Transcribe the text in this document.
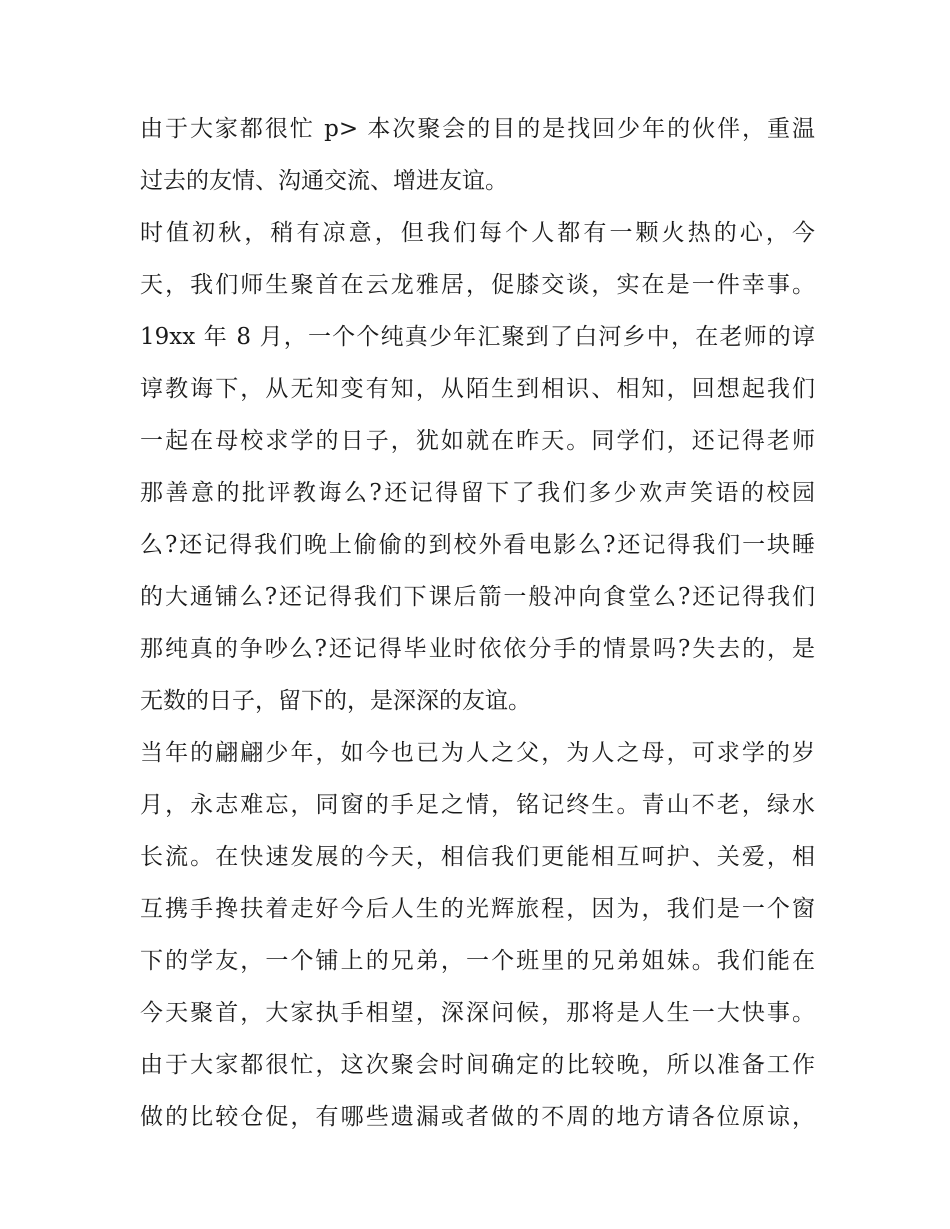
由于大家都很忙 p> 本次聚会的目的是找回少年的伙伴，重温
过去的友情、沟通交流、增进友谊。
时值初秋，稍有凉意，但我们每个人都有一颗火热的心，今
天，我们师生聚首在云龙雅居，促膝交谈，实在是一件幸事。
19xx 年 8 月，一个个纯真少年汇聚到了白河乡中，在老师的谆
谆教诲下，从无知变有知，从陌生到相识、相知，回想起我们
一起在母校求学的日子，犹如就在昨天。同学们，还记得老师
那善意的批评教诲么?还记得留下了我们多少欢声笑语的校园
么?还记得我们晚上偷偷的到校外看电影么?还记得我们一块睡
的大通铺么?还记得我们下课后箭一般冲向食堂么?还记得我们
那纯真的争吵么?还记得毕业时依依分手的情景吗?失去的，是
无数的日子，留下的，是深深的友谊。
当年的翩翩少年，如今也已为人之父，为人之母，可求学的岁
月，永志难忘，同窗的手足之情，铭记终生。青山不老，绿水
长流。在快速发展的今天，相信我们更能相互呵护、关爱，相
互携手搀扶着走好今后人生的光辉旅程，因为，我们是一个窗
下的学友，一个铺上的兄弟，一个班里的兄弟姐妹。我们能在
今天聚首，大家执手相望，深深问候，那将是人生一大快事。
由于大家都很忙，这次聚会时间确定的比较晚，所以准备工作
做的比较仓促，有哪些遗漏或者做的不周的地方请各位原谅，
